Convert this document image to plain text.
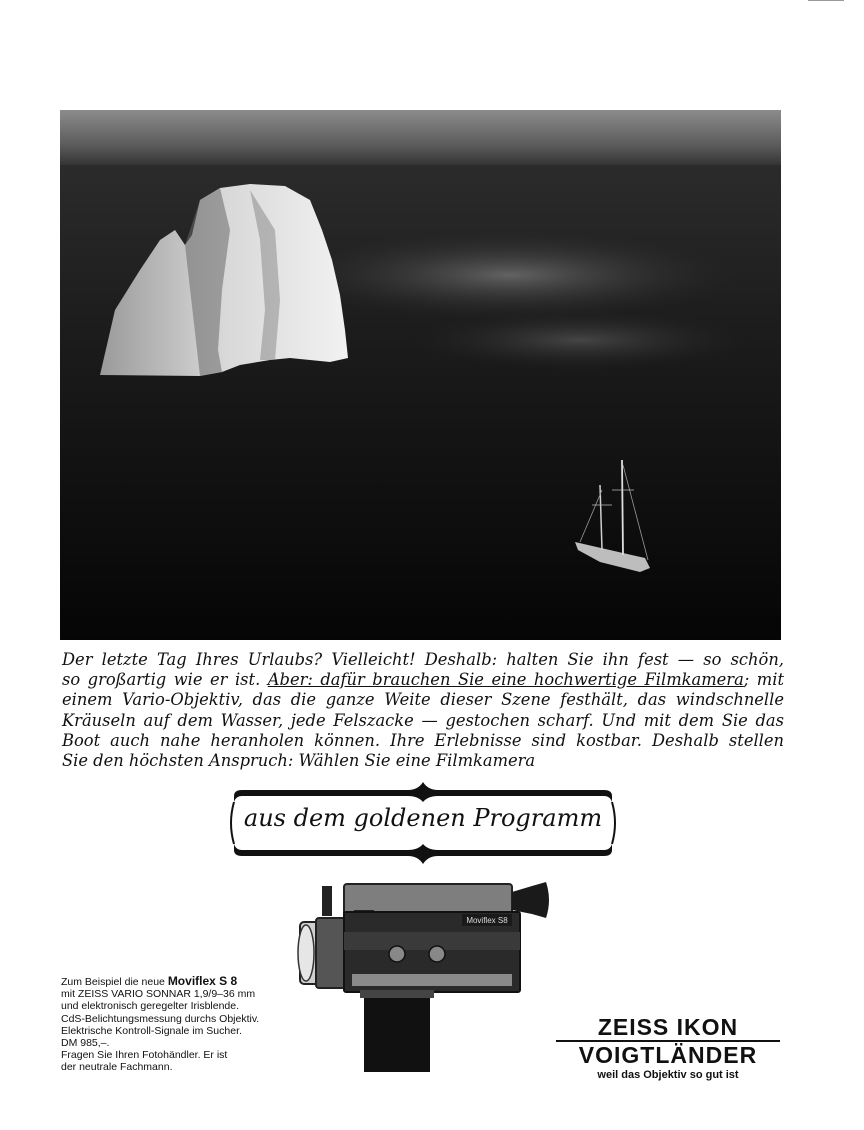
Der letzte Tag Ihres Urlaubs? Vielleicht! Deshalb: halten Sie ihn fest — so schön,
so großartig wie er ist. Aber: dafür brauchen Sie eine hochwertige Filmkamera; mit
einem Vario-Objektiv, das die ganze Weite dieser Szene festhält, das windschnelle
Kräuseln auf dem Wasser, jede Felszacke — gestochen scharf. Und mit dem Sie das
Boot auch nahe heranholen können. Ihre Erlebnisse sind kostbar. Deshalb stellen
Sie den höchsten Anspruch: Wählen Sie eine Filmkamera
aus dem goldenen Programm
Moviflex S8
Zum Beispiel die neue Moviflex S 8
mit ZEISS VARIO SONNAR 1,9/9–36 mm
und elektronisch geregelter Irisblende.
CdS-Belichtungsmessung durchs Objektiv.
Elektrische Kontroll-Signale im Sucher.
DM 985,–.
Fragen Sie Ihren Fotohändler. Er ist
der neutrale Fachmann.
ZEISS IKON
VOIGTLÄNDER
weil das Objektiv so gut ist
